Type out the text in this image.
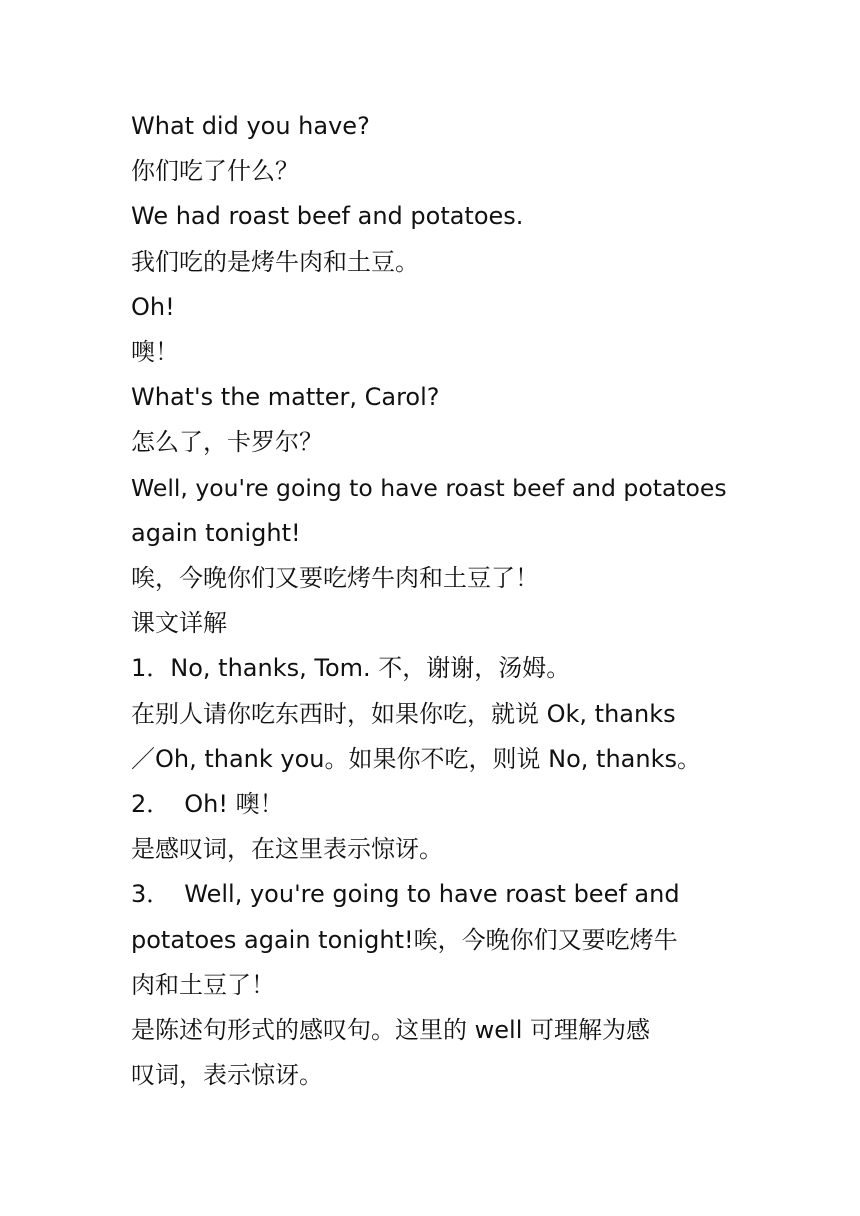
What did you have?
你们吃了什么？
We had roast beef and potatoes.
我们吃的是烤牛肉和土豆。
Oh!
噢！
What's the matter, Carol?
怎么了，卡罗尔？
Well, you're going to have roast beef and potatoes
again tonight!
唉，今晚你们又要吃烤牛肉和土豆了！
课文详解
1．No, thanks, Tom. 不，谢谢，汤姆。
在别人请你吃东西时，如果你吃，就说 Ok, thanks
／Oh, thank you。如果你不吃，则说 No, thanks。
2． Oh! 噢！
是感叹词，在这里表示惊讶。
3． Well, you're going to have roast beef and
potatoes again tonight!唉，今晚你们又要吃烤牛
肉和土豆了！
是陈述句形式的感叹句。这里的 well 可理解为感
叹词，表示惊讶。
